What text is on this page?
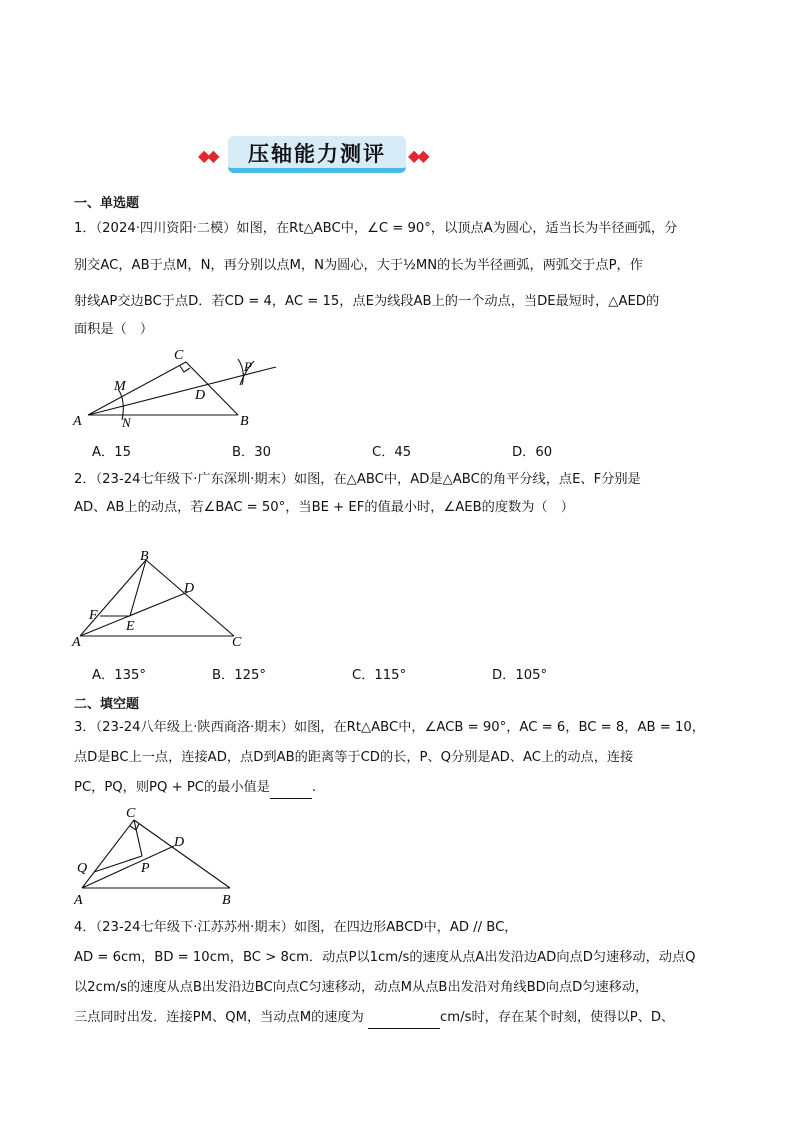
◆◆	压轴能力测评	◆◆
一、单选题
1．（2024·四川资阳·二模）如图，在Rt△ABC中，∠C = 90°，以顶点A为圆心，适当长为半径画弧，分
别交AC，AB于点M，N，再分别以点M，N为圆心，大于½MN的长为半径画弧，两弧交于点P，作
射线AP交边BC于点D．若CD = 4，AC = 15，点E为线段AB上的一个动点，当DE最短时，△AED的
面积是（　）
C
M
D
P
A	N	B
A．15	B．30	C．45	D．60
2．（23-24七年级下·广东深圳·期末）如图，在△ABC中，AD是△ABC的角平分线，点E、F分别是
AD、AB上的动点，若∠BAC = 50°，当BE + EF的值最小时，∠AEB的度数为（　）
B
D
F
E
A	C
A．135°	B．125°	C．115°	D．105°
二、填空题
3．（23-24八年级上·陕西商洛·期末）如图，在Rt△ABC中，∠ACB = 90°，AC = 6，BC = 8，AB = 10，
点D是BC上一点，连接AD，点D到AB的距离等于CD的长，P、Q分别是AD、AC上的动点，连接
PC，PQ，则PQ + PC的最小值是	.
C
D
Q	P
A	B
4．（23-24七年级下·江苏苏州·期末）如图，在四边形ABCD中，AD // BC，
AD = 6cm，BD = 10cm，BC > 8cm．动点P以1cm/s的速度从点A出发沿边AD向点D匀速移动，动点Q
以2cm/s的速度从点B出发沿边BC向点C匀速移动，动点M从点B出发沿对角线BD向点D匀速移动，
三点同时出发．连接PM、QM，当动点M的速度为	cm/s时，存在某个时刻，使得以P、D、
